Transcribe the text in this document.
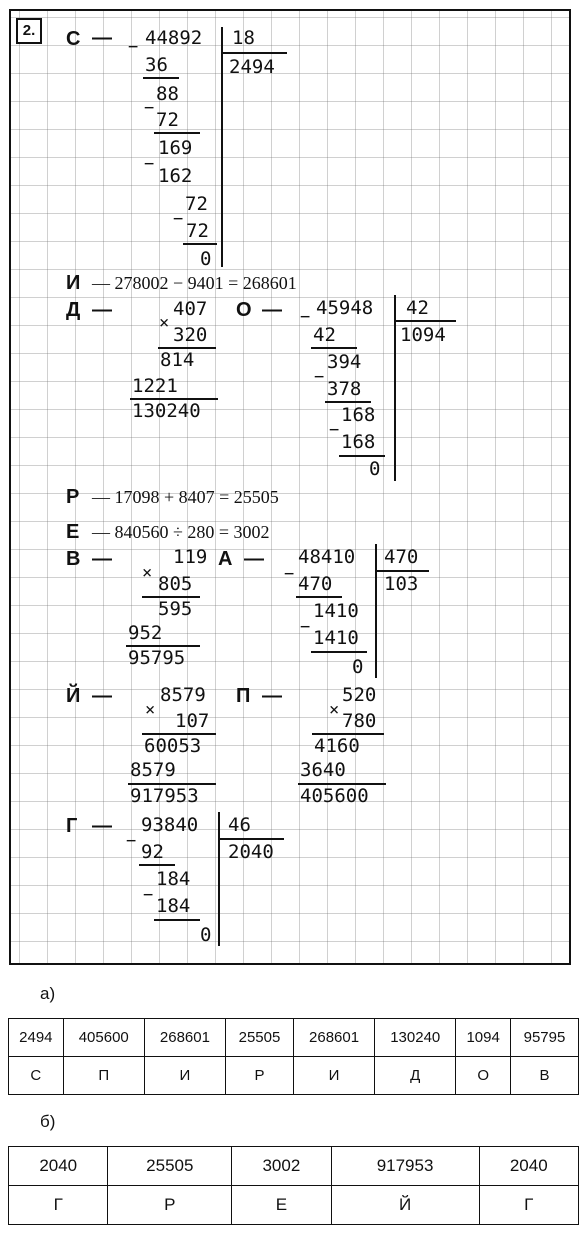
2.	С — − 44892 18
2494
36
88
−
72
169
−
162
72
−
72
0
И — 278002 − 9401 = 268601
Д —	407
×
320
814
1221
130240
О — − 45948 42
1094
42
394
−
378
168
−
168
0
Р — 17098 + 8407 = 25505
Е — 840560 ÷ 280 = 3002
В —	119
× 805
595
952
95795
А —
−
48410 470
103
470
1410
− 1410
0
Й —	8579
× 107
60053
8579
917953
П —	520
× 780
4160
3640
405600
Г —
−
93840 46
2040
92
184
− 184
0
а)
2494	405600	268601	25505	268601	130240	1094	95795
С	П	И	Р	И	Д	О	В
б)
2040	25505	3002	917953	2040
Г	Р	Е	Й	Г
